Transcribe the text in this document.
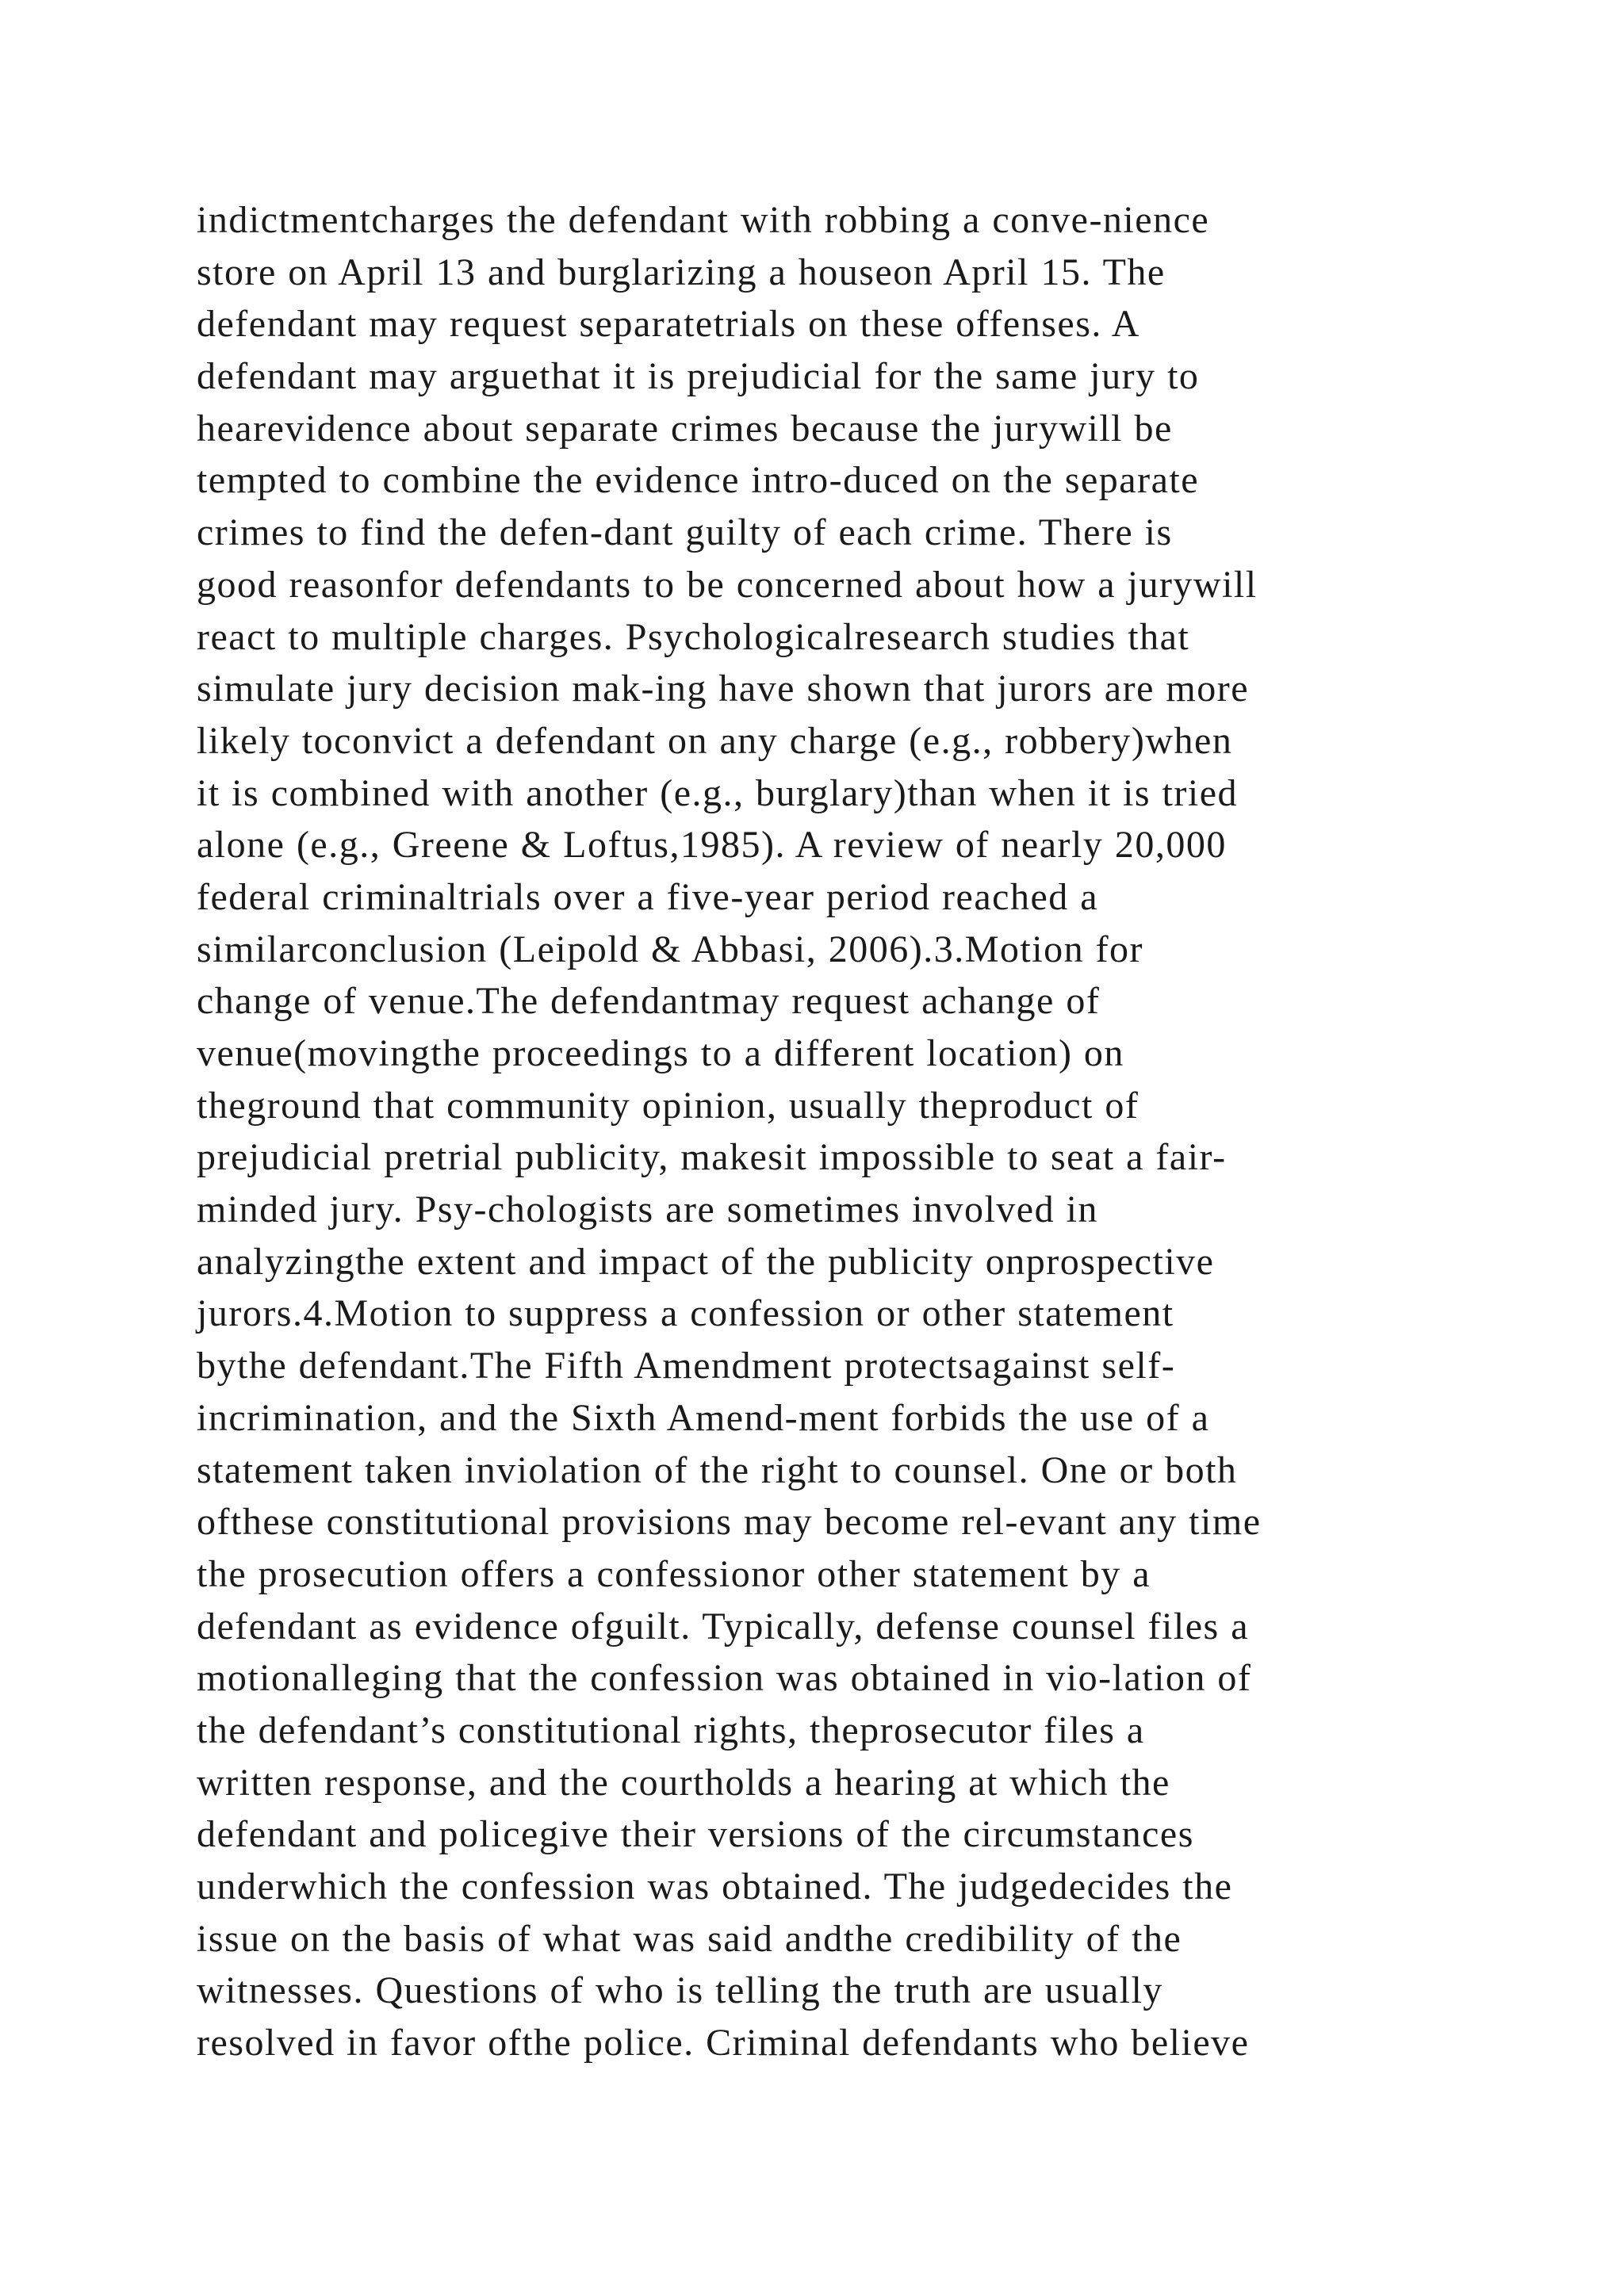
indictmentcharges the defendant with robbing a conve-nience
store on April 13 and burglarizing a houseon April 15. The
defendant may request separatetrials on these offenses. A
defendant may arguethat it is prejudicial for the same jury to
hearevidence about separate crimes because the jurywill be
tempted to combine the evidence intro-duced on the separate
crimes to find the defen-dant guilty of each crime. There is
good reasonfor defendants to be concerned about how a jurywill
react to multiple charges. Psychologicalresearch studies that
simulate jury decision mak-ing have shown that jurors are more
likely toconvict a defendant on any charge (e.g., robbery)when
it is combined with another (e.g., burglary)than when it is tried
alone (e.g., Greene & Loftus,1985). A review of nearly 20,000
federal criminaltrials over a five-year period reached a
similarconclusion (Leipold & Abbasi, 2006).3.Motion for
change of venue.The defendantmay request achange of
venue(movingthe proceedings to a different location) on
theground that community opinion, usually theproduct of
prejudicial pretrial publicity, makesit impossible to seat a fair-
minded jury. Psy-chologists are sometimes involved in
analyzingthe extent and impact of the publicity onprospective
jurors.4.Motion to suppress a confession or other statement
bythe defendant.The Fifth Amendment protectsagainst self-
incrimination, and the Sixth Amend-ment forbids the use of a
statement taken inviolation of the right to counsel. One or both
ofthese constitutional provisions may become rel-evant any time
the prosecution offers a confessionor other statement by a
defendant as evidence ofguilt. Typically, defense counsel files a
motionalleging that the confession was obtained in vio-lation of
the defendant’s constitutional rights, theprosecutor files a
written response, and the courtholds a hearing at which the
defendant and policegive their versions of the circumstances
underwhich the confession was obtained. The judgedecides the
issue on the basis of what was said andthe credibility of the
witnesses. Questions of who is telling the truth are usually
resolved in favor ofthe police. Criminal defendants who believe
